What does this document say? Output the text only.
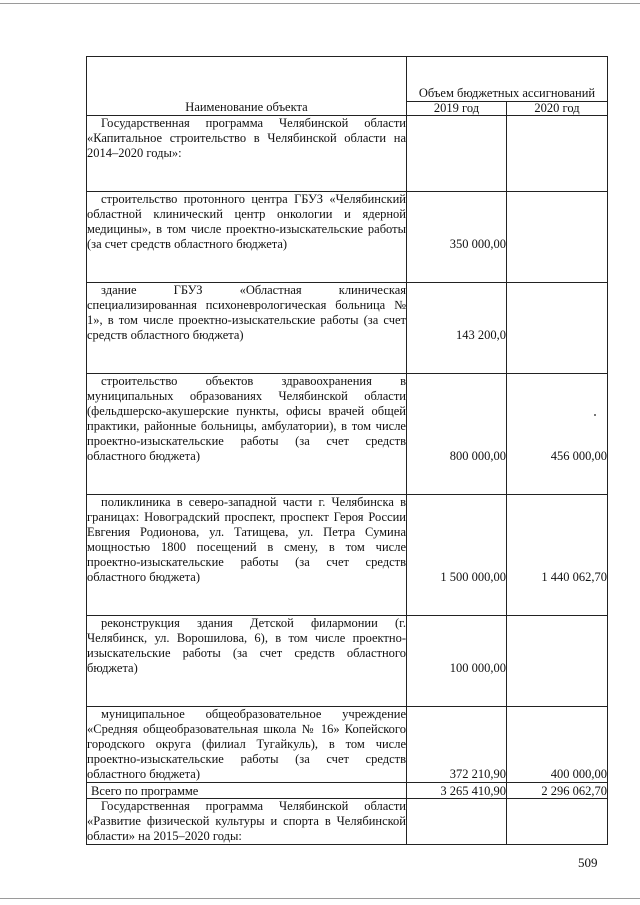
Наименование объекта	Объем бюджетных ассигнований	
	2019 год	2020 год

Государственная программа Челябинской области «Капитальное строительство в Челябинской области на 2014–2020 годы»:		

строительство протонного центра ГБУЗ «Челябинский областной клинический центр онкологии и ядерной медицины», в том числе проектно-изыскательские работы (за счет средств областного бюджета)	350 000,00	

здание ГБУЗ «Областная клиническая специализированная психоневрологическая больница № 1», в том числе проектно-изыскательские работы (за счет средств областного бюджета)	143 200,0	

строительство объектов здравоохранения в муниципальных образованиях Челябинской области (фельдшерско-акушерские пункты, офисы врачей общей практики, районные больницы, амбулатории), в том числе проектно-изыскательские работы (за счет средств областного бюджета)	800 000,00	456 000,00

поликлиника в северо-западной части г. Челябинска в границах: Новоградский проспект, проспект Героя России Евгения Родионова, ул. Татищева, ул. Петра Сумина мощностью 1800 посещений в смену, в том числе проектно-изыскательские работы (за счет средств областного бюджета)	1 500 000,00	1 440 062,70

реконструкция здания Детской филармонии (г. Челябинск, ул. Ворошилова, 6), в том числе проектно-изыскательские работы (за счет средств областного бюджета)	100 000,00	

муниципальное общеобразовательное учреждение «Средняя общеобразовательная школа № 16» Копейского городского округа (филиал Тугайкуль), в том числе проектно-изыскательские работы (за счет средств областного бюджета)	372 210,90	400 000,00
Всего по программе	3 265 410,90	2 296 062,70

Государственная программа Челябинской области «Развитие физической культуры и спорта в Челябинской области» на 2015–2020 годы:		

509
